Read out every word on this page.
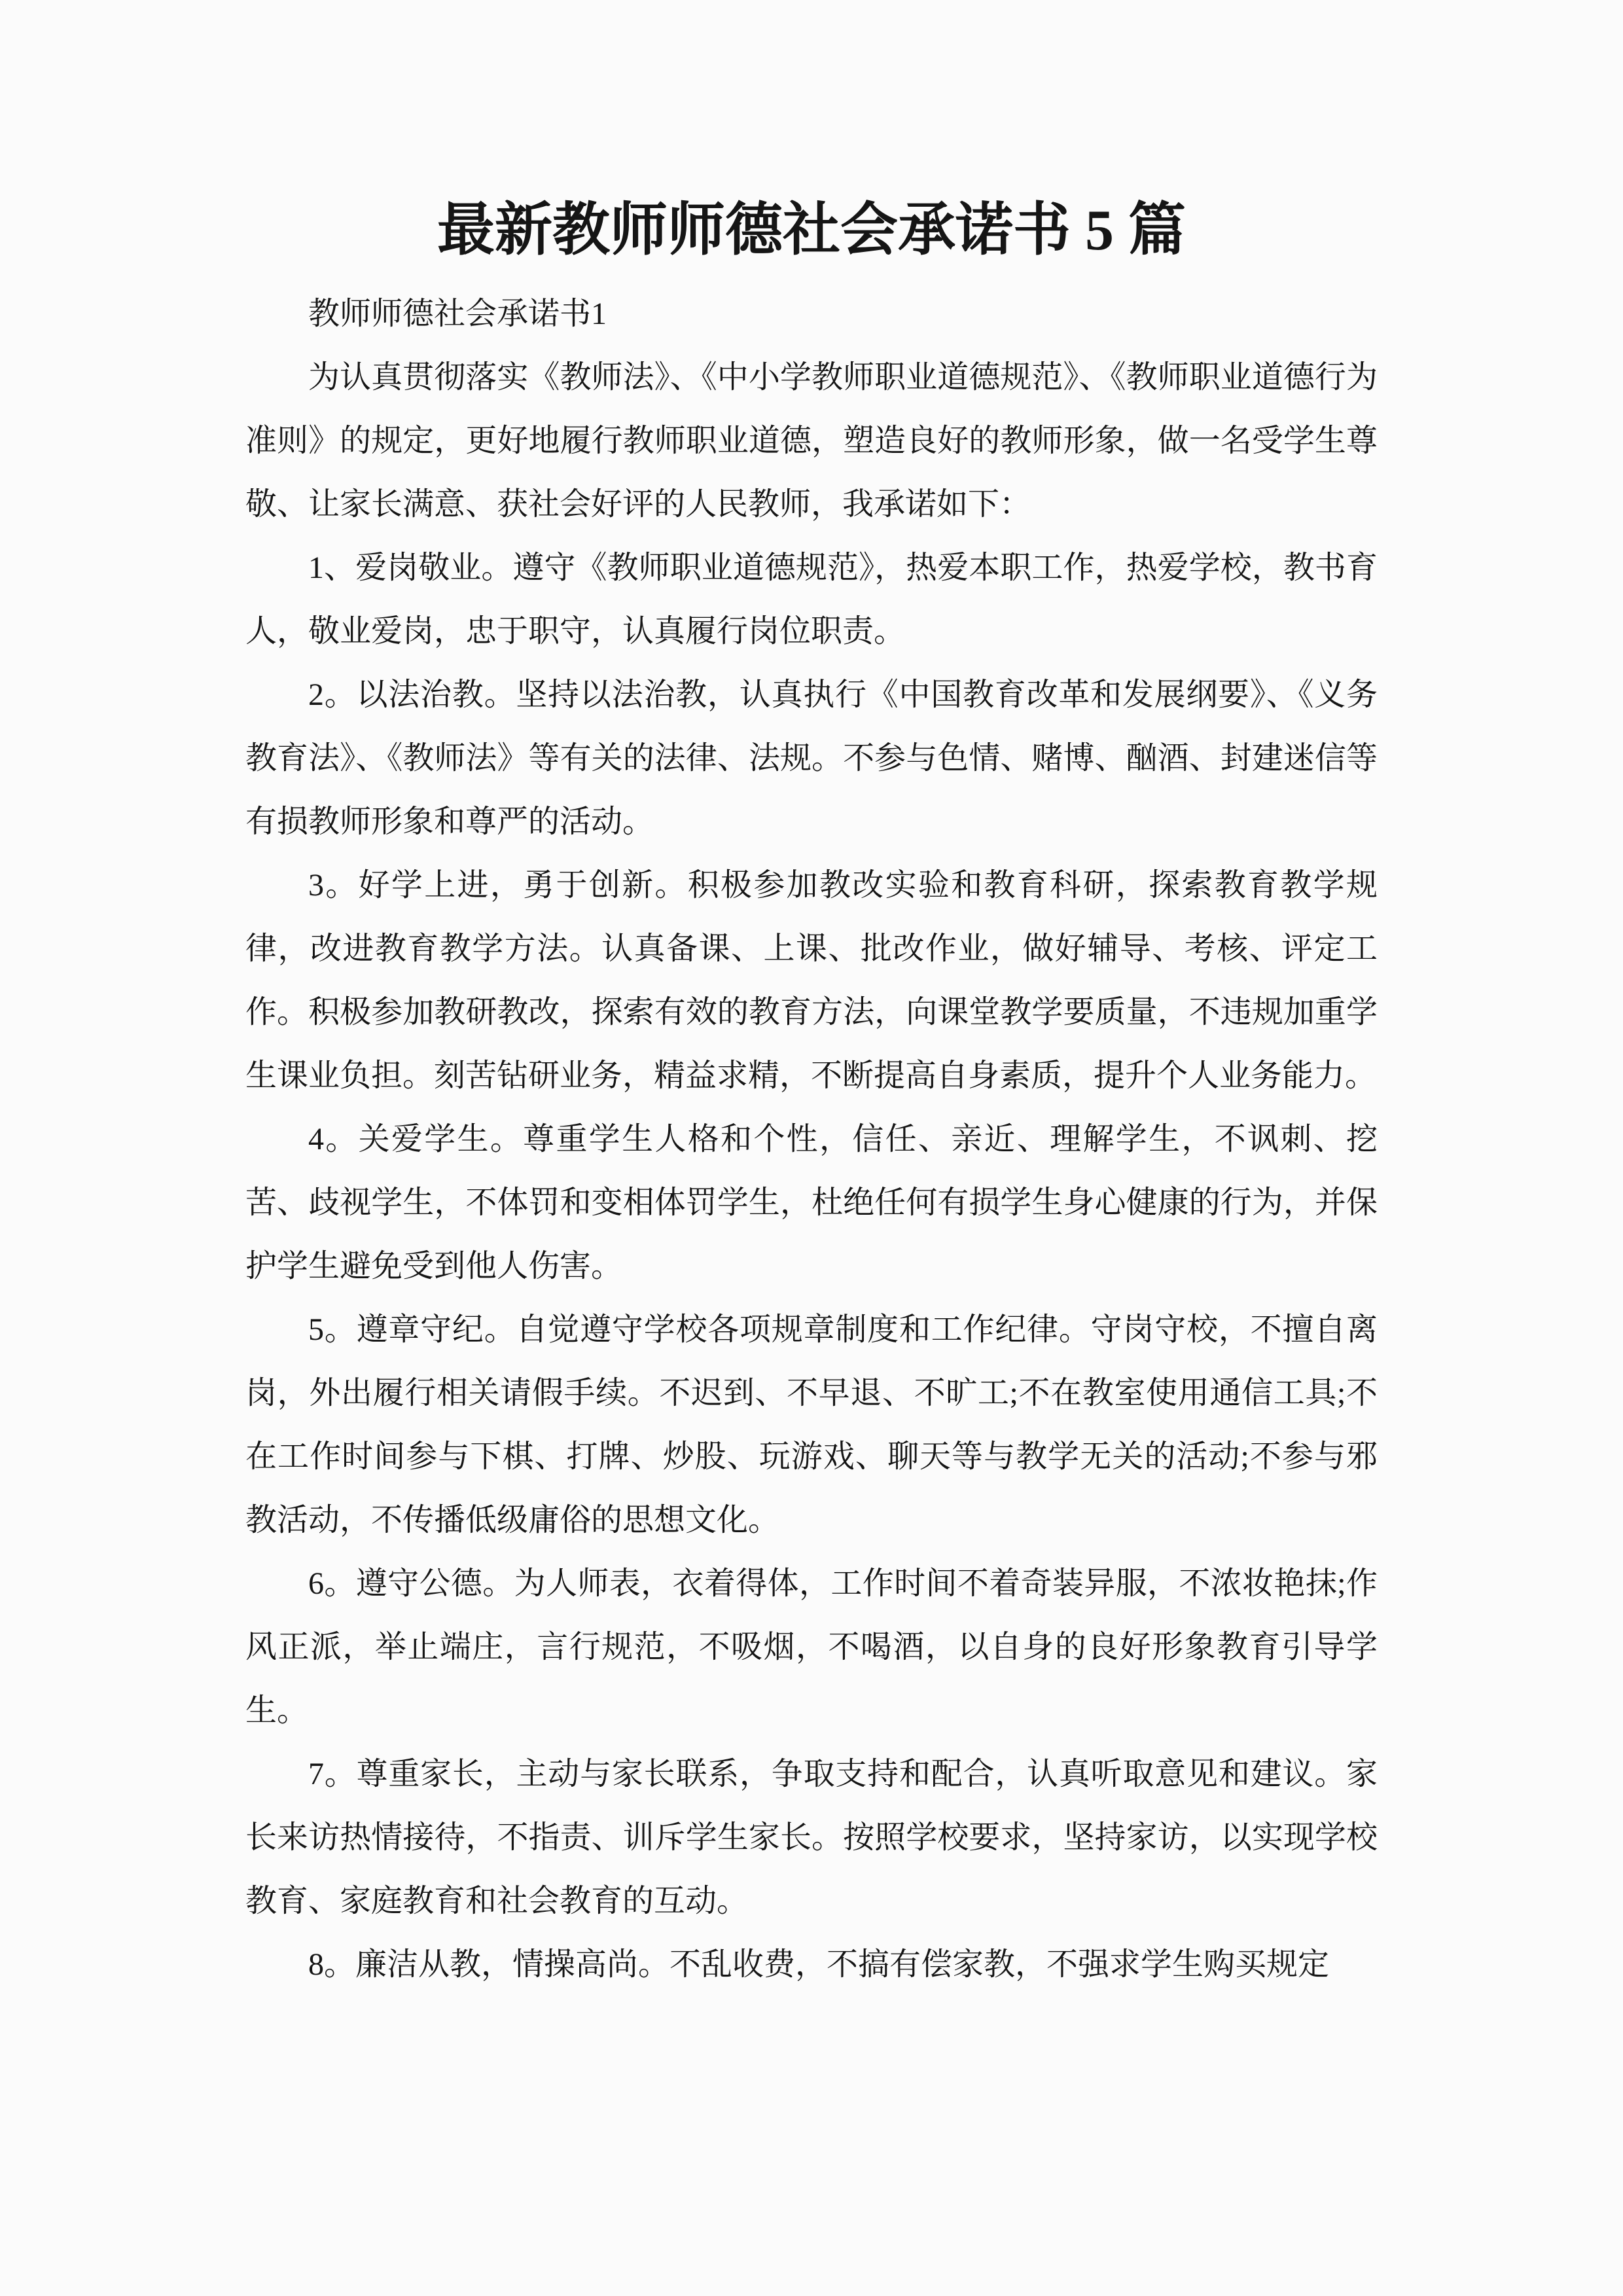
最新教师师德社会承诺书 5 篇

教师师德社会承诺书1

为认真贯彻落实《教师法》、《中小学教师职业道德规范》、《教师职业道德行为准则》的规定，更好地履行教师职业道德，塑造良好的教师形象，做一名受学生尊敬、让家长满意、获社会好评的人民教师，我承诺如下：

1、爱岗敬业。遵守《教师职业道德规范》，热爱本职工作，热爱学校，教书育人，敬业爱岗，忠于职守，认真履行岗位职责。

2。以法治教。坚持以法治教，认真执行《中国教育改革和发展纲要》、《义务教育法》、《教师法》等有关的法律、法规。不参与色情、赌博、酗酒、封建迷信等有损教师形象和尊严的活动。

3。好学上进，勇于创新。积极参加教改实验和教育科研，探索教育教学规律，改进教育教学方法。认真备课、上课、批改作业，做好辅导、考核、评定工作。积极参加教研教改，探索有效的教育方法，向课堂教学要质量，不违规加重学生课业负担。刻苦钻研业务，精益求精，不断提高自身素质，提升个人业务能力。

4。关爱学生。尊重学生人格和个性，信任、亲近、理解学生，不讽刺、挖苦、歧视学生，不体罚和变相体罚学生，杜绝任何有损学生身心健康的行为，并保护学生避免受到他人伤害。

5。遵章守纪。自觉遵守学校各项规章制度和工作纪律。守岗守校，不擅自离岗，外出履行相关请假手续。不迟到、不早退、不旷工;不在教室使用通信工具;不在工作时间参与下棋、打牌、炒股、玩游戏、聊天等与教学无关的活动;不参与邪教活动，不传播低级庸俗的思想文化。

6。遵守公德。为人师表，衣着得体，工作时间不着奇装异服，不浓妆艳抹;作风正派，举止端庄，言行规范，不吸烟，不喝酒，以自身的良好形象教育引导学生。

7。尊重家长，主动与家长联系，争取支持和配合，认真听取意见和建议。家长来访热情接待，不指责、训斥学生家长。按照学校要求，坚持家访，以实现学校教育、家庭教育和社会教育的互动。

8。廉洁从教，情操高尚。不乱收费，不搞有偿家教，不强求学生购买规定
